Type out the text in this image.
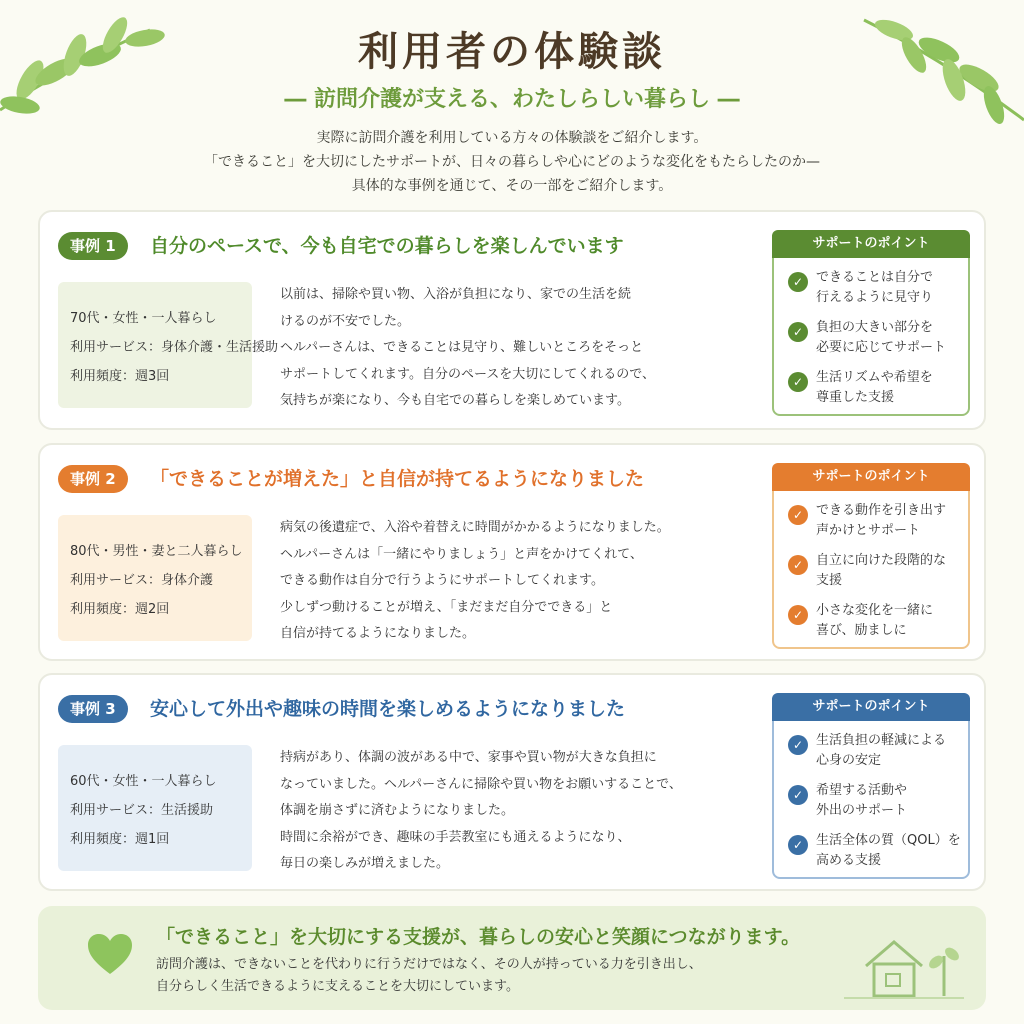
利用者の体験談
― 訪問介護が支える、わたしらしい暮らし ―
実際に訪問介護を利用している方々の体験談をご紹介します。
「できること」を大切にしたサポートが、日々の暮らしや心にどのような変化をもたらしたのか—
具体的な事例を通じて、その一部をご紹介します。
事例 1	自分のペースで、今も自宅での暮らしを楽しんでいます
70代・女性・一人暮らし
利用サービス：身体介護・生活援助
利用頻度：週3回
以前は、掃除や買い物、入浴が負担になり、家での生活を続
けるのが不安でした。
ヘルパーさんは、できることは見守り、難しいところをそっと
サポートしてくれます。自分のペースを大切にしてくれるので、
気持ちが楽になり、今も自宅での暮らしを楽しめています。
サポートのポイント
✓ できることは自分で
行えるように見守り
✓ 負担の大きい部分を
必要に応じてサポート
✓ 生活リズムや希望を
尊重した支援
事例 2	「できることが増えた」と自信が持てるようになりました
80代・男性・妻と二人暮らし
利用サービス：身体介護
利用頻度：週2回
病気の後遺症で、入浴や着替えに時間がかかるようになりました。
ヘルパーさんは「一緒にやりましょう」と声をかけてくれて、
できる動作は自分で行うようにサポートしてくれます。
少しずつ動けることが増え、「まだまだ自分でできる」と
自信が持てるようになりました。
サポートのポイント
✓ できる動作を引き出す
声かけとサポート
✓ 自立に向けた段階的な
支援
✓ 小さな変化を一緒に
喜び、励ましに
事例 3	安心して外出や趣味の時間を楽しめるようになりました
60代・女性・一人暮らし
利用サービス：生活援助
利用頻度：週1回
持病があり、体調の波がある中で、家事や買い物が大きな負担に
なっていました。ヘルパーさんに掃除や買い物をお願いすることで、
体調を崩さずに済むようになりました。
時間に余裕ができ、趣味の手芸教室にも通えるようになり、
毎日の楽しみが増えました。
サポートのポイント
✓ 生活負担の軽減による
心身の安定
✓ 希望する活動や
外出のサポート
✓ 生活全体の質（QOL）を
高める支援
「できること」を大切にする支援が、暮らしの安心と笑顔につながります。
訪問介護は、できないことを代わりに行うだけではなく、その人が持っている力を引き出し、
自分らしく生活できるように支えることを大切にしています。
